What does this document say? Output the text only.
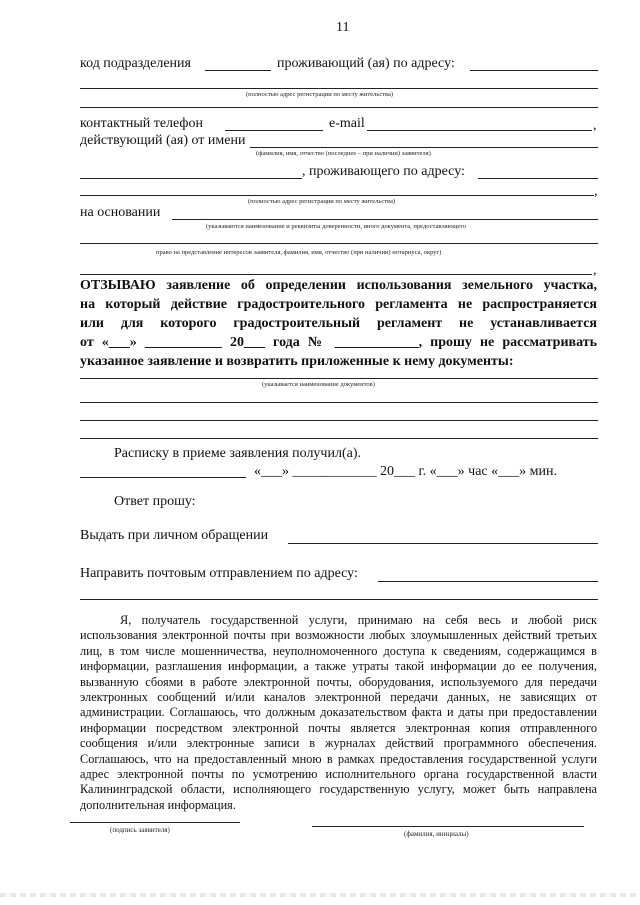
11
код подразделения	проживающий (ая) по адресу:
(полностью адрес регистрации по месту жительства)
контактный телефон	e-mail	,
действующий (ая) от имени
(фамилия, имя, отчество (последнее – при наличии) заявителя)
, проживающего по адресу:
,
(полностью адрес регистрации по месту жительства)
на основании
(указываются наименование и реквизиты доверенности, иного документа, предоставляющего
право на представление интересов заявителя, фамилия, имя, отчество (при наличии) нотариуса, округ)
,
ОТЗЫВАЮ заявление об определении использования земельного участка,
на который действие градостроительного регламента не распространяется
или для которого градостроительный регламент не устанавливается
от «___» ___________ 20___ года № ____________, прошу не рассматривать
указанное заявление и возвратить приложенные к нему документы:
(указывается наименование документов)
Расписку в приеме заявления получил(а).
«___» ____________ 20___ г. «___» час «___» мин.
Ответ прошу:
Выдать при личном обращении
Направить почтовым отправлением по адресу:
Я, получатель государственной услуги, принимаю на себя весь и любой риск
использования электронной почты при возможности любых злоумышленных действий третьих
лиц, в том числе мошенничества, неуполномоченного доступа к сведениям, содержащимся в
информации, разглашения информации, а также утраты такой информации до ее получения,
вызванную сбоями в работе электронной почты, оборудования, используемого для передачи
электронных сообщений и/или каналов электронной передачи данных, не зависящих от
администрации. Соглашаюсь, что должным доказательством факта и даты при предоставлении
информации посредством электронной почты является электронная копия отправленного
сообщения и/или электронные записи в журналах действий программного обеспечения.
Соглашаюсь, что на предоставленный мною в рамках предоставления государственной услуги
адрес электронной почты по усмотрению исполнительного органа государственной власти
Калининградской области, исполняющего государственную услугу, может быть направлена
дополнительная информация.
(подпись заявителя)	(фамилия, инициалы)
